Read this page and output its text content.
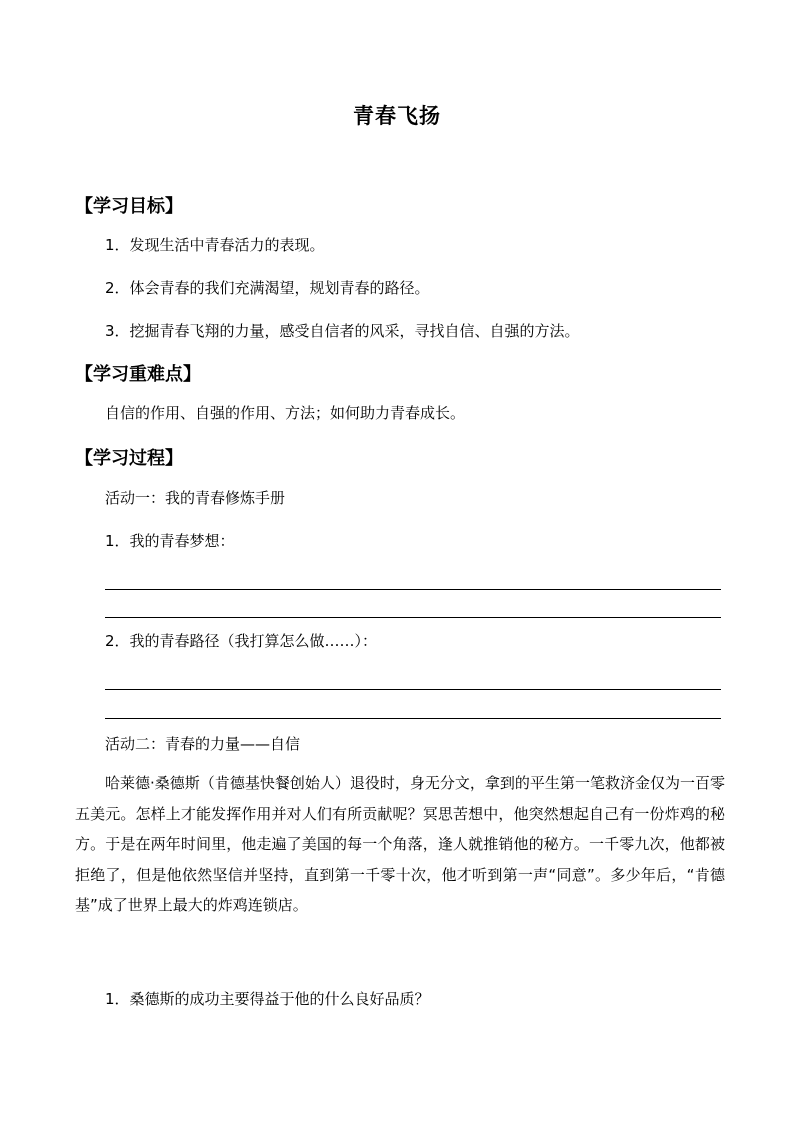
青春飞扬
【学习目标】
1．发现生活中青春活力的表现。
2．体会青春的我们充满渴望，规划青春的路径。
3．挖掘青春飞翔的力量，感受自信者的风采，寻找自信、自强的方法。
【学习重难点】
自信的作用、自强的作用、方法；如何助力青春成长。
【学习过程】
活动一：我的青春修炼手册
1．我的青春梦想：
2．我的青春路径（我打算怎么做……）：
活动二：青春的力量——自信
哈莱德·桑德斯（肯德基快餐创始人）退役时，身无分文，拿到的平生第一笔救济金仅为一百零五美元。怎样上才能发挥作用并对人们有所贡献呢？冥思苦想中，他突然想起自己有一份炸鸡的秘方。于是在两年时间里，他走遍了美国的每一个角落，逢人就推销他的秘方。一千零九次，他都被拒绝了，但是他依然坚信并坚持，直到第一千零十次，他才听到第一声“同意”。多少年后，“肯德基”成了世界上最大的炸鸡连锁店。
1．桑德斯的成功主要得益于他的什么良好品质？
